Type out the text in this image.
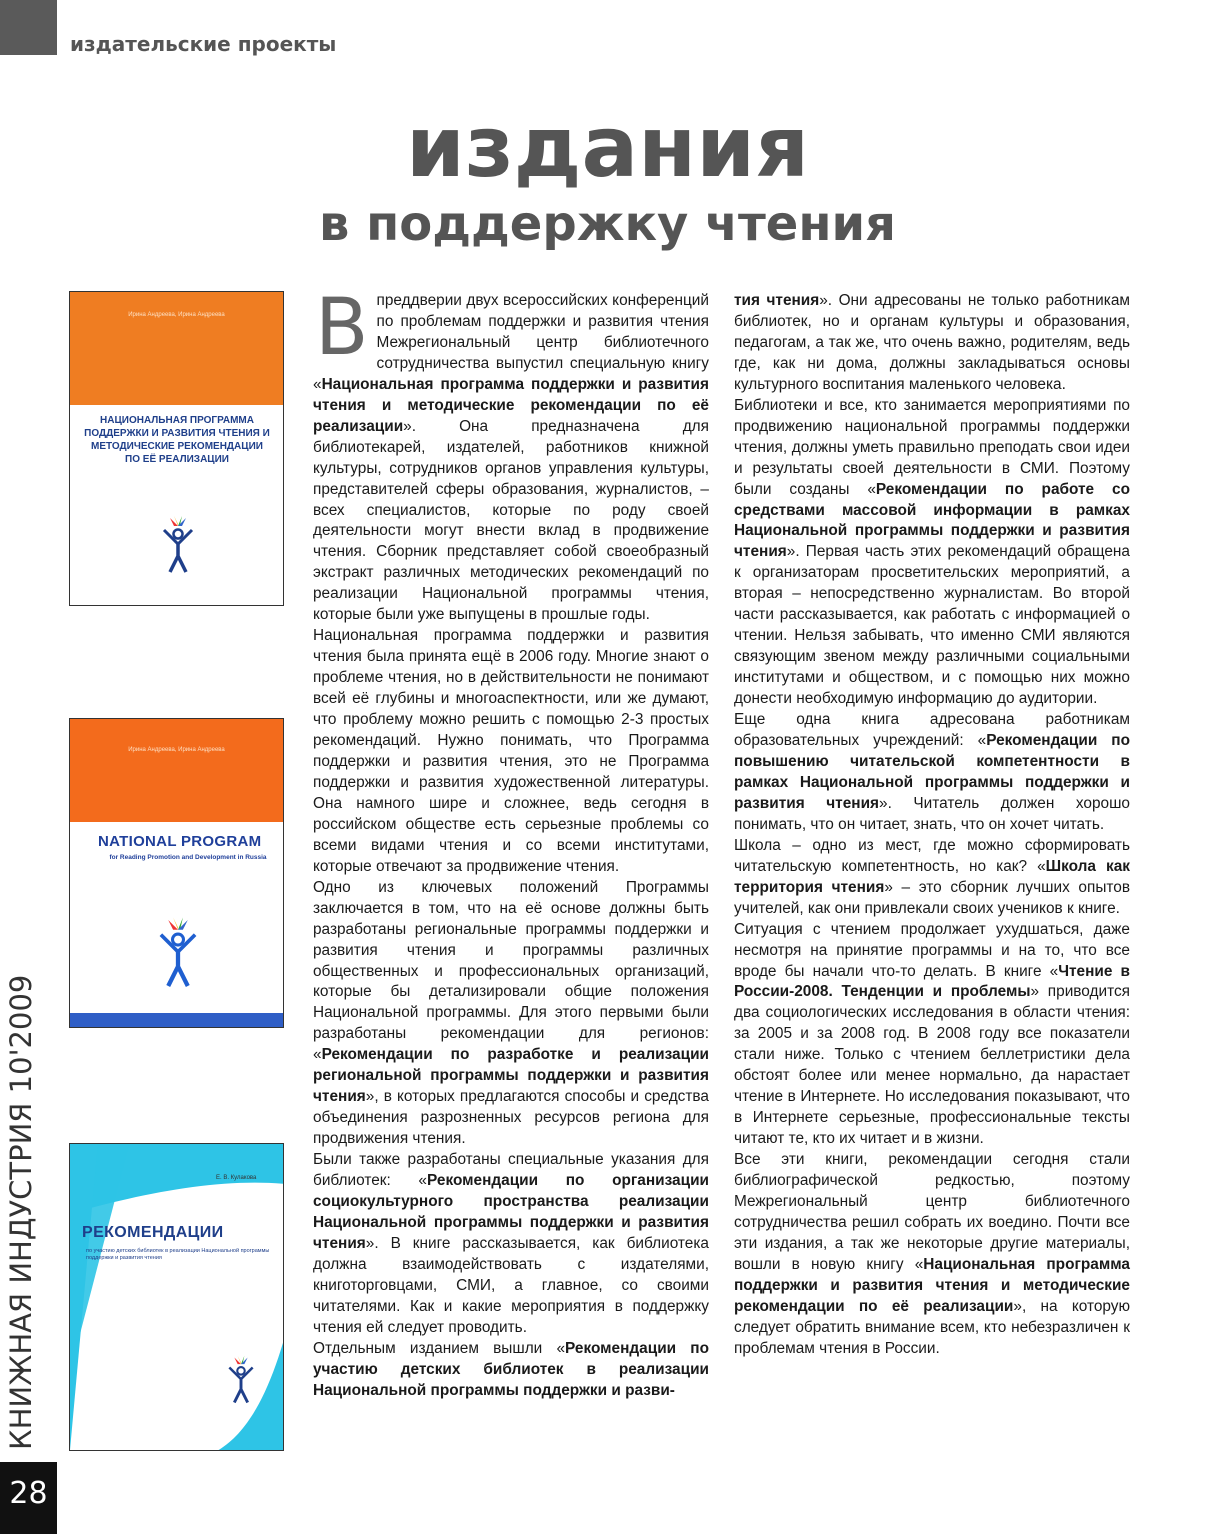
издательские проекты
КНИЖНАЯ ИНДУСТРИЯ 10'2009
28
издания
в поддержку чтения
Ирина Андреева, Ирина Андреева
НАЦИОНАЛЬНАЯ ПРОГРАММА ПОДДЕРЖКИ И РАЗВИТИЯ ЧТЕНИЯ И МЕТОДИЧЕСКИЕ РЕКОМЕНДАЦИИ ПО ЕЁ РЕАЛИЗАЦИИ
Ирина Андреева, Ирина Андреева
NATIONAL PROGRAM
for Reading Promotion and Development in Russia
Е. В. Кулакова
РЕКОМЕНДАЦИИ
по участию детских библиотек в реализации Национальной программы поддержки и развития чтения
В преддверии двух всероссийских конференций по проблемам поддержки и развития чтения Межрегиональный центр библиотечного сотрудничества выпустил специальную книгу «Национальная программа поддержки и развития чтения и методические рекомендации по её реализации». Она предназначена для библиотекарей, издателей, работников книжной культуры, сотрудников органов управления культуры, представителей сферы образования, журналистов, – всех специалистов, которые по роду своей деятельности могут внести вклад в продвижение чтения. Сборник представляет собой своеобразный экстракт различных методических рекомендаций по реализации Национальной программы чтения, которые были уже выпущены в прошлые годы.

Национальная программа поддержки и развития чтения была принята ещё в 2006 году. Многие знают о проблеме чтения, но в действительности не понимают всей её глубины и многоаспектности, или же думают, что проблему можно решить с помощью 2-3 простых рекомендаций. Нужно понимать, что Программа поддержки и развития чтения, это не Программа поддержки и развития художественной литературы. Она намного шире и сложнее, ведь сегодня в российском обществе есть серьезные проблемы со всеми видами чтения и со всеми институтами, которые отвечают за продвижение чтения.

Одно из ключевых положений Программы заключается в том, что на её основе должны быть разработаны региональные программы поддержки и развития чтения и программы различных общественных и профессиональных организаций, которые бы детализировали общие положения Национальной программы. Для этого первыми были разработаны рекомендации для регионов: «Рекомендации по разработке и реализации региональной программы поддержки и развития чтения», в которых предлагаются способы и средства объединения разрозненных ресурсов региона для продвижения чтения.

Были также разработаны специальные указания для библиотек: «Рекомендации по организации социокультурного пространства реализации Национальной программы поддержки и развития чтения». В книге рассказывается, как библиотека должна взаимодействовать с издателями, книготорговцами, СМИ, а главное, со своими читателями. Как и какие мероприятия в поддержку чтения ей следует проводить.

Отдельным изданием вышли «Рекомендации по участию детских библиотек в реализации Национальной программы поддержки и разви-

тия чтения». Они адресованы не только работникам библиотек, но и органам культуры и образования, педагогам, а так же, что очень важно, родителям, ведь где, как ни дома, должны закладываться основы культурного воспитания маленького человека.

Библиотеки и все, кто занимается мероприятиями по продвижению национальной программы поддержки чтения, должны уметь правильно преподать свои идеи и результаты своей деятельности в СМИ. Поэтому были созданы «Рекомендации по работе со средствами массовой информации в рамках Национальной программы поддержки и развития чтения». Первая часть этих рекомендаций обращена к организаторам просветительских мероприятий, а вторая – непосредственно журналистам. Во второй части рассказывается, как работать с информацией о чтении. Нельзя забывать, что именно СМИ являются связующим звеном между различными социальными институтами и обществом, и с помощью них можно донести необходимую информацию до аудитории.

Еще одна книга адресована работникам образовательных учреждений: «Рекомендации по повышению читательской компетентности в рамках Национальной программы поддержки и развития чтения». Читатель должен хорошо понимать, что он читает, знать, что он хочет читать.

Школа – одно из мест, где можно сформировать читательскую компетентность, но как? «Школа как территория чтения» – это сборник лучших опытов учителей, как они привлекали своих учеников к книге.

Ситуация с чтением продолжает ухудшаться, даже несмотря на принятие программы и на то, что все вроде бы начали что-то делать. В книге «Чтение в России-2008. Тенденции и проблемы» приводится два социологических исследования в области чтения: за 2005 и за 2008 год. В 2008 году все показатели стали ниже. Только с чтением беллетристики дела обстоят более или менее нормально, да нарастает чтение в Интернете. Но исследования показывают, что в Интернете серьезные, профессиональные тексты читают те, кто их читает и в жизни.

Все эти книги, рекомендации сегодня стали библиографической редкостью, поэтому Межрегиональный центр библиотечного сотрудничества решил собрать их воедино. Почти все эти издания, а так же некоторые другие материалы, вошли в новую книгу «Национальная программа поддержки и развития чтения и методические рекомендации по её реализации», на которую следует обратить внимание всем, кто небезразличен к проблемам чтения в России.
